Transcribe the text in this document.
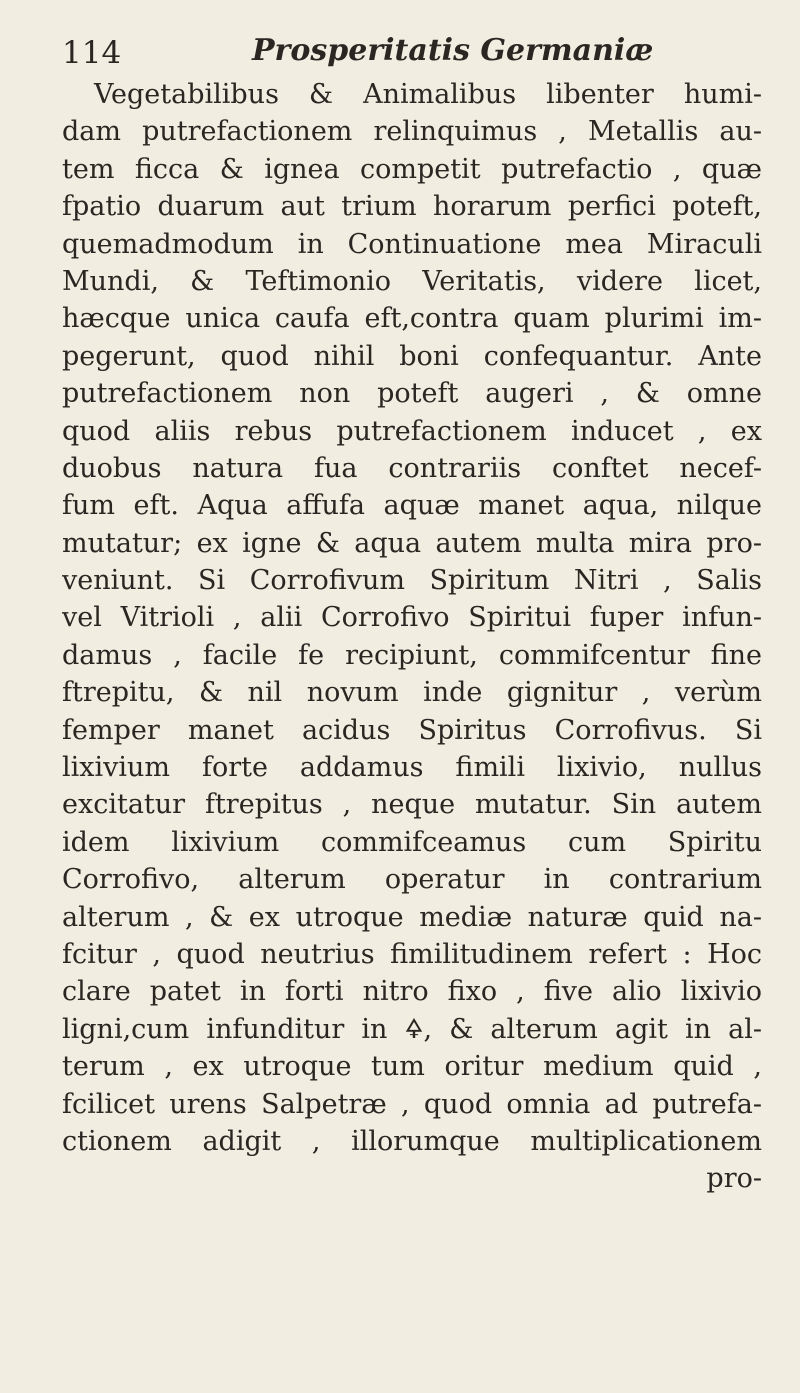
114	Prosperitatis Germaniæ
Vegetabilibus & Animalibus libenter humi-
dam putrefactionem relinquimus , Metallis au-
tem ficca & ignea competit putrefactio , quæ
fpatio duarum aut trium horarum perfici poteft,
quemadmodum in Continuatione mea Miraculi
Mundi, & Teftimonio Veritatis, videre licet,
hæcque unica caufa eft,contra quam plurimi im-
pegerunt, quod nihil boni confequantur. Ante
putrefactionem non poteft augeri , & omne
quod aliis rebus putrefactionem inducet , ex
duobus natura fua contrariis conftet necef-
fum eft. Aqua affufa aquæ manet aqua, nilque
mutatur; ex igne & aqua autem multa mira pro-
veniunt. Si Corrofivum Spiritum Nitri , Salis
vel Vitrioli , alii Corrofivo Spiritui fuper infun-
damus , facile fe recipiunt, commifcentur fine
ftrepitu, & nil novum inde gignitur , verùm
femper manet acidus Spiritus Corrofivus. Si
lixivium forte addamus fimili lixivio, nullus
excitatur ftrepitus , neque mutatur. Sin autem
idem lixivium commifceamus cum Spiritu
Corrofivo, alterum operatur in contrarium
alterum , & ex utroque mediæ naturæ quid na-
fcitur , quod neutrius fimilitudinem refert : Hoc
clare patet in forti nitro fixo , five alio lixivio
ligni,cum infunditur in 🜍, & alterum agit in al-
terum , ex utroque tum oritur medium quid ,
fcilicet urens Salpetræ , quod omnia ad putrefa-
ctionem adigit , illorumque multiplicationem
pro-
